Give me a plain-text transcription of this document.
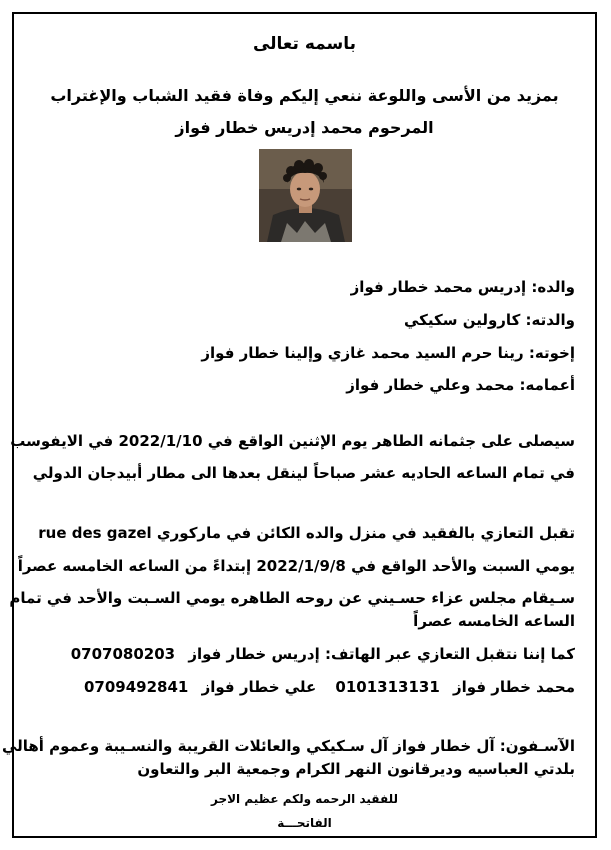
باسمه تعالى
بمزيد من الأسى واللوعة ننعي إليكم وفاة فقيد الشباب والإغتراب
المرحوم محمد إدريس خطار فواز
والده: إدريس محمد خطار فواز
والدته: كارولين سكيكي
إخوته: رينا حرم السيد محمد غازي وإلينا خطار فواز
أعمامه: محمد وعلي خطار فواز
سيصلى على جثمانه الطاهر يوم الإثنين الواقع في 2022/1/10 في الايفوسب
في تمام الساعه الحاديه عشر صباحاً لينقل بعدها الى مطار أبيدجان الدولي
تقبل التعازي بالفقيد في منزل والده الكائن في ماركوري rue des gazel
يومي السبت والأحد الواقع في 2022/1/9/8 إبتداءً من الساعه الخامسه عصراً
سـيقام مجلس عزاء حسـيني عن روحه الطاهره يومي السـبت والأحد في تمام
الساعه الخامسه عصراً
كما إننا نتقبل التعازي عبر الهاتف: إدريس خطار فواز 0707080203
محمد خطار فواز 0101313131
علي خطار فواز 0709492841
الآسـفون: آل خطار فواز آل سـكيكي والعائلات القريبة والنسـيبة وعموم أهالي
بلدتي العباسيه وديرقانون النهر الكرام وجمعية البر والتعاون
للفقيد الرحمه ولكم عظيم الاجر
الفاتحـــة
